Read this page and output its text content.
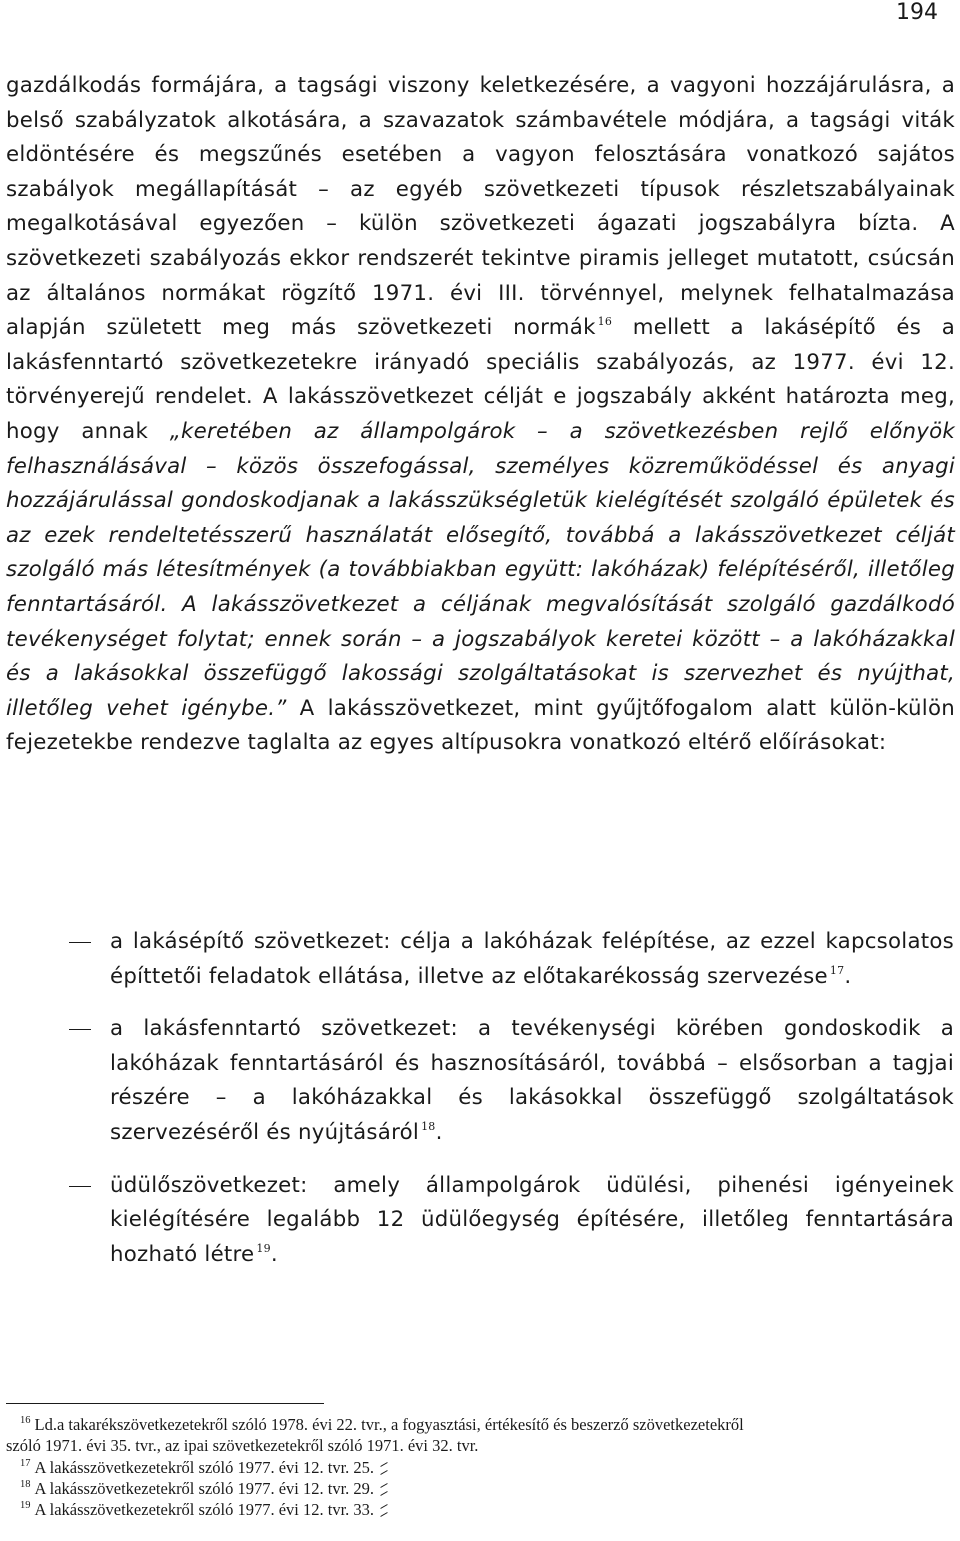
194

gazdálkodás formájára, a tagsági viszony keletkezésére, a vagyoni hozzájárulásra, a belső szabályzatok alkotására, a szavazatok számbavétele módjára, a tagsági viták eldöntésére és megszűnés esetében a vagyon felosztására vonatkozó sajátos szabályok megállapítását – az egyéb szövetkezeti típusok részletszabályainak megalkotásával egyezően – külön szövetkezeti ágazati jogszabályra bízta. A szövetkezeti szabályozás ekkor rendszerét tekintve piramis jelleget mutatott, csúcsán az általános normákat rögzítő 1971. évi III. törvénnyel, melynek felhatalmazása alapján született meg más szövetkezeti normák $^{16}$ mellett a lakásépítő és a lakásfenntartó szövetkezetekre irányadó speciális szabályozás, az 1977. évi 12. törvényerejű rendelet. A lakásszövetkezet célját e jogszabály akként határozta meg, hogy annak „keretében az állampolgárok – a szövetkezésben rejlő előnyök felhasználásával – közös összefogással, személyes közreműködéssel és anyagi hozzájárulással gondoskodjanak a lakásszükségletük kielégítését szolgáló épületek és az ezek rendeltetésszerű használatát elősegítő, továbbá a lakásszövetkezet célját szolgáló más létesítmények (a továbbiakban együtt: lakóházak) felépítéséről, illetőleg fenntartásáról. A lakásszövetkezet a céljának megvalósítását szolgáló gazdálkodó tevékenységet folytat; ennek során – a jogszabályok keretei között – a lakóházakkal és a lakásokkal összefüggő lakossági szolgáltatásokat is szervezhet és nyújthat, illetőleg vehet igénybe.” A lakásszövetkezet, mint gyűjtőfogalom alatt külön-külön fejezetekbe rendezve taglalta az egyes altípusokra vonatkozó eltérő előírásokat:

a lakásépítő szövetkezet: célja a lakóházak felépítése, az ezzel kapcsolatos építtetői feladatok ellátása, illetve az előtakarékosság szervezése $^{17}$.
a lakásfenntartó szövetkezet: a tevékenységi körében gondoskodik a lakóházak fenntartásáról és hasznosításáról, továbbá – elsősorban a tagjai részére – a lakóházakkal és lakásokkal összefüggő szolgáltatások szervezéséről és nyújtásáról $^{18}$.
üdülőszövetkezet: amely állampolgárok üdülési, pihenési igényeinek kielégítésére legalább 12 üdülőegység építésére, illetőleg fenntartására hozható létre $^{19}$.

$^{16}$ Ld.a takarékszövetkezetekről szóló 1978. évi 22. tvr., a fogyasztási, értékesítő és beszerző szövetkezetekről

szóló 1971. évi 35. tvr., az ipai szövetkezetekről szóló 1971. évi 32. tvr.

$^{17}$ A lakásszövetkezetekről szóló 1977. évi 12. tvr. 25.

$^{18}$ A lakásszövetkezetekről szóló 1977. évi 12. tvr. 29.

$^{19}$ A lakásszövetkezetekről szóló 1977. évi 12. tvr. 33.
